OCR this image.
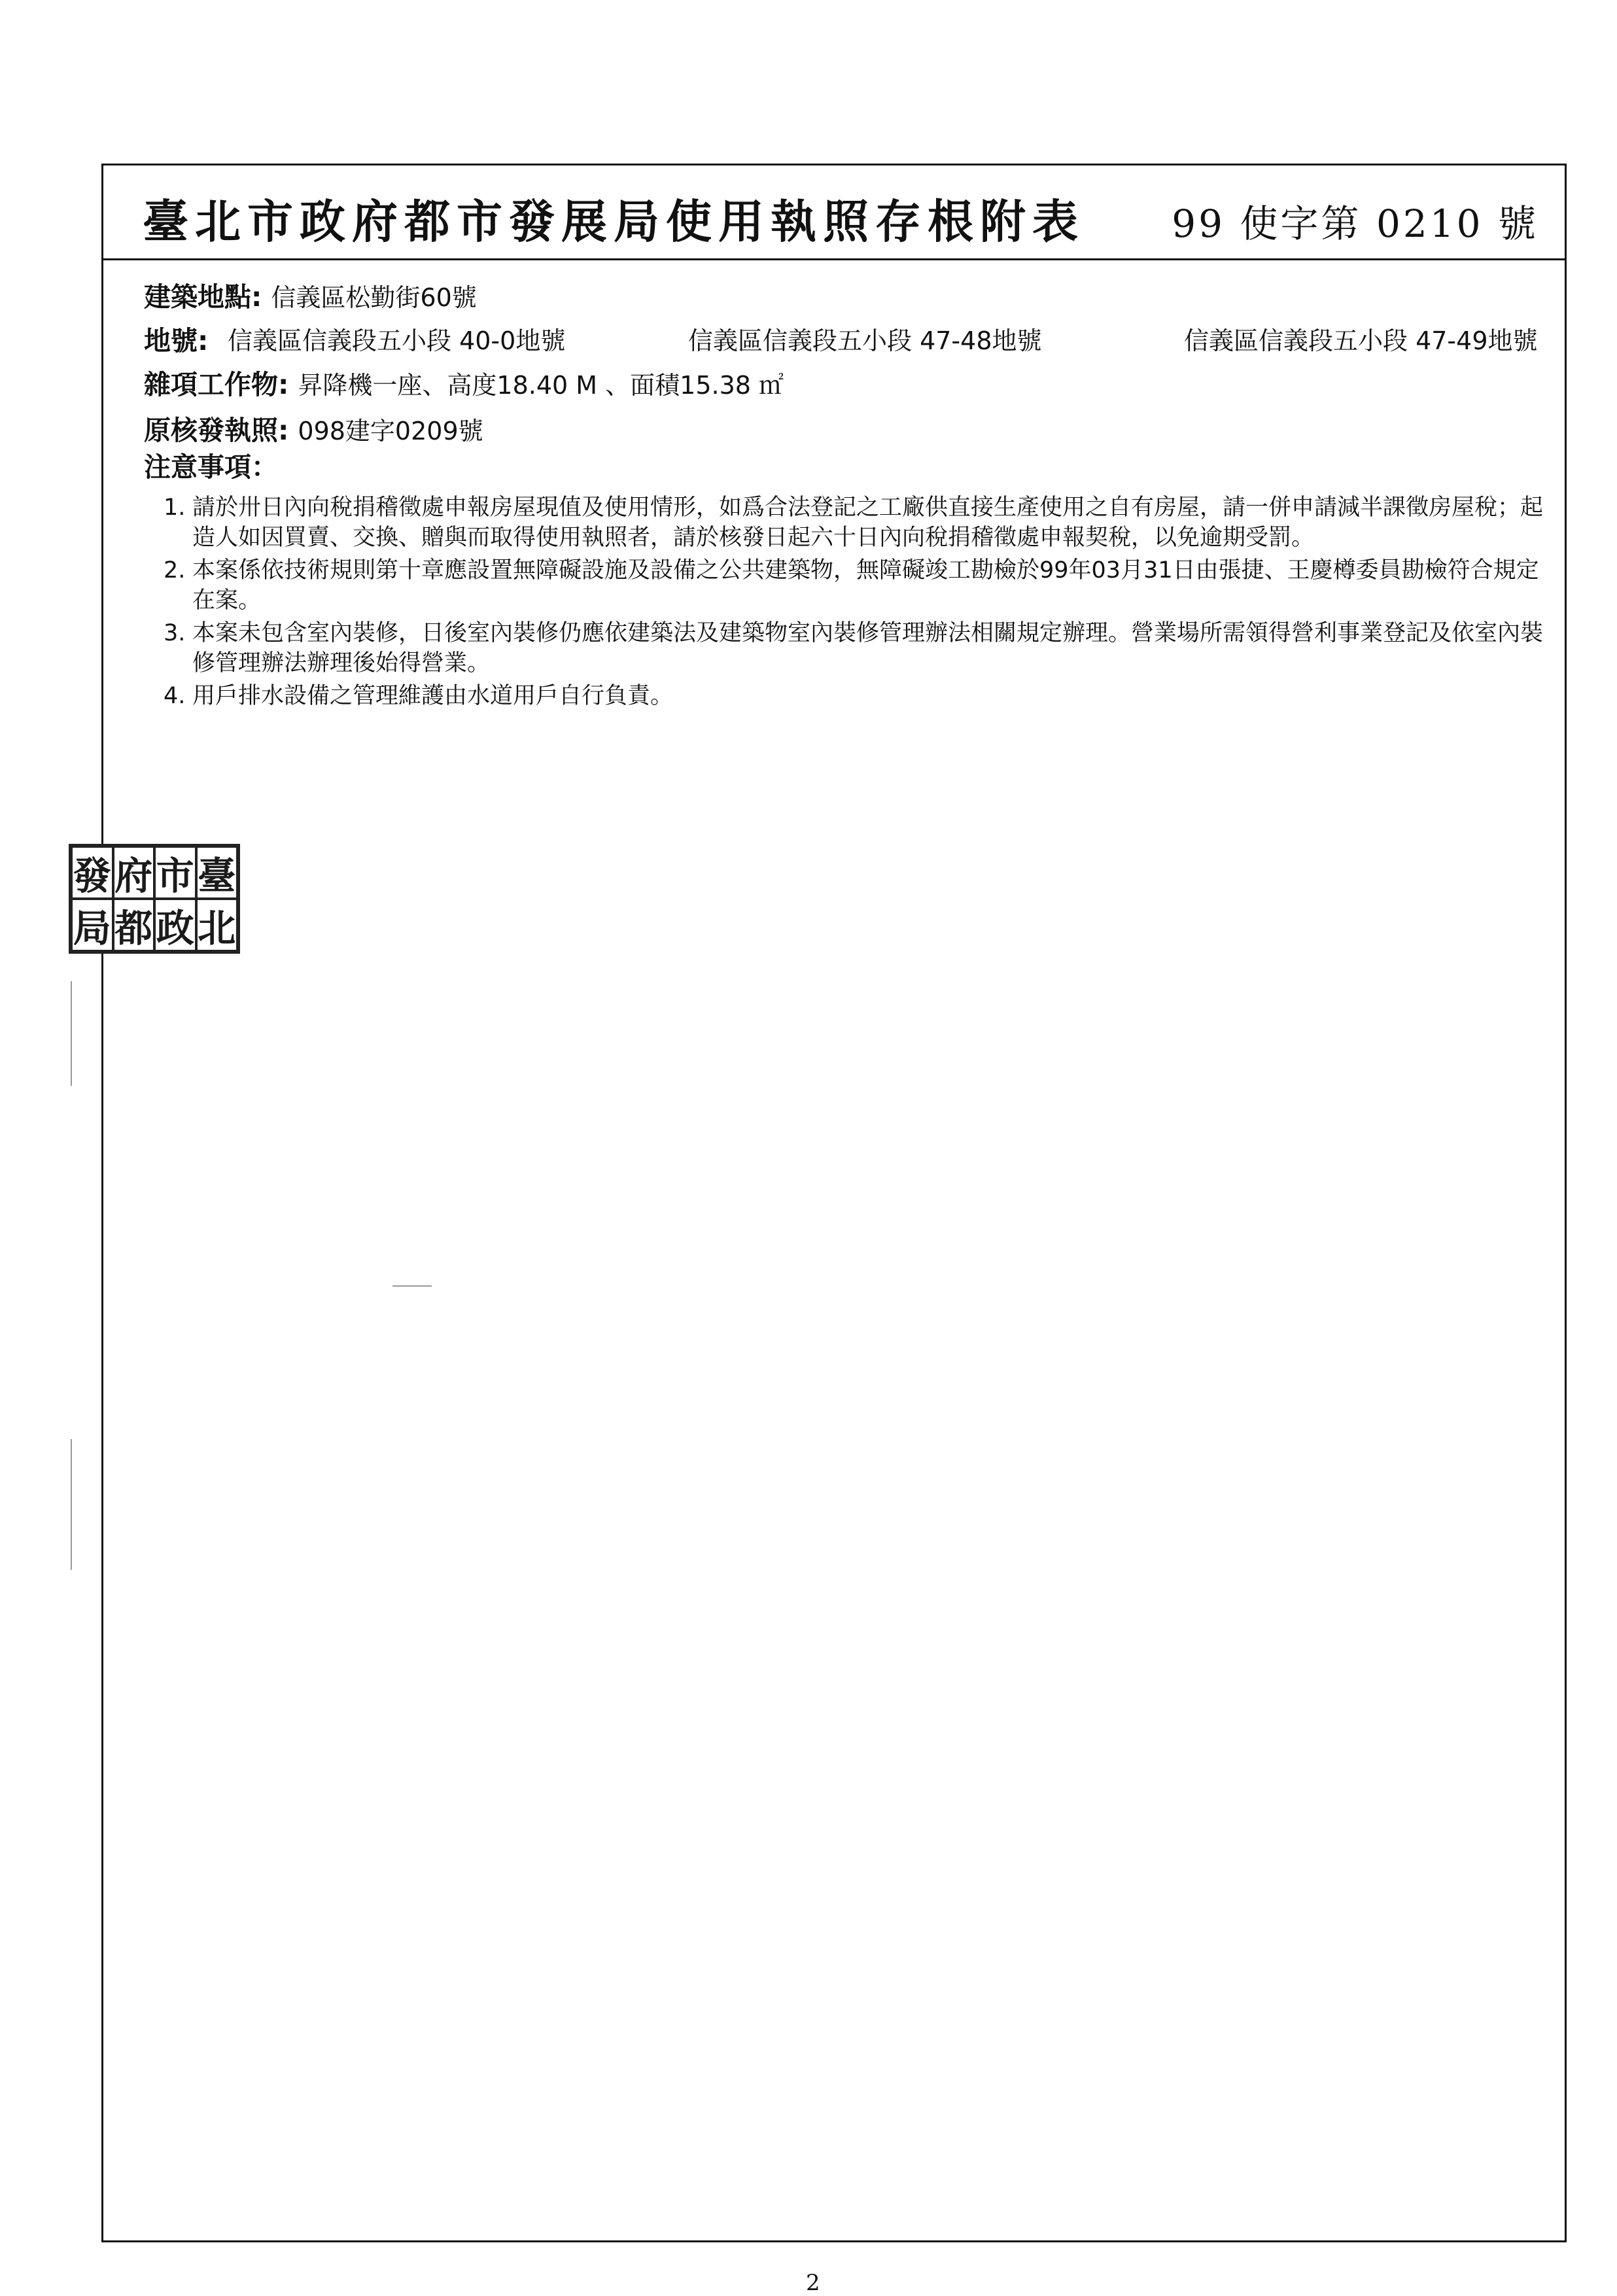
臺北市政府都市發展局使用執照存根附表 99 使字第 0210 號
建築地點: 信義區松勤街60號
地號: 信義區信義段五小段 40-0地號	信義區信義段五小段 47-48地號	信義區信義段五小段 47-49地號
雜項工作物: 昇降機一座、高度18.40 M 、面積15.38 ㎡
原核發執照: 098建字0209號
注意事項：
1. 請於卅日內向稅捐稽徵處申報房屋現值及使用情形，如爲合法登記之工廠供直接生產使用之自有房屋，請一併申請減半課徵房屋稅；起造人如因買賣、交換、贈與而取得使用執照者，請於核發日起六十日內向稅捐稽徵處申報契稅，以免逾期受罰。
2. 本案係依技術規則第十章應設置無障礙設施及設備之公共建築物，無障礙竣工勘檢於99年03月31日由張捷、王慶樽委員勘檢符合規定在案。
3. 本案未包含室內裝修，日後室內裝修仍應依建築法及建築物室內裝修管理辦法相關規定辦理。營業場所需領得營利事業登記及依室內裝修管理辦法辦理後始得營業。
4. 用戶排水設備之管理維護由水道用戶自行負責。
發 府 市 臺
局 都 政 北
2
